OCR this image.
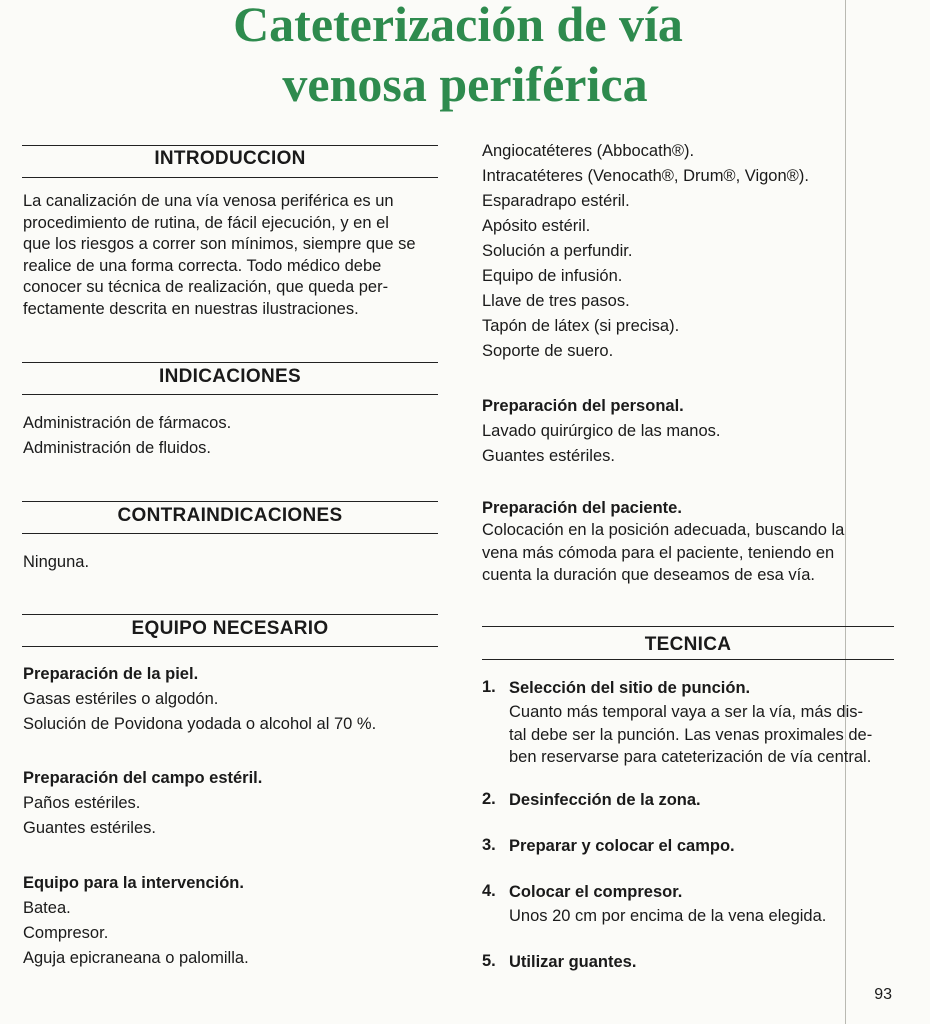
Cateterización de vía
venosa periférica
INTRODUCCION
La canalización de una vía venosa periférica es un
procedimiento de rutina, de fácil ejecución, y en el
que los riesgos a correr son mínimos, siempre que se
realice de una forma correcta. Todo médico debe
conocer su técnica de realización, que queda per-
fectamente descrita en nuestras ilustraciones.
INDICACIONES
Administración de fármacos.
Administración de fluidos.
CONTRAINDICACIONES
Ninguna.
EQUIPO NECESARIO
Preparación de la piel.
Gasas estériles o algodón.
Solución de Povidona yodada o alcohol al 70 %.
Preparación del campo estéril.
Paños estériles.
Guantes estériles.
Equipo para la intervención.
Batea.
Compresor.
Aguja epicraneana o palomilla.
Angiocatéteres (Abbocath®).
Intracatéteres (Venocath®, Drum®, Vigon®).
Esparadrapo estéril.
Apósito estéril.
Solución a perfundir.
Equipo de infusión.
Llave de tres pasos.
Tapón de látex (si precisa).
Soporte de suero.
Preparación del personal.
Lavado quirúrgico de las manos.
Guantes estériles.
Preparación del paciente.
Colocación en la posición adecuada, buscando la
vena más cómoda para el paciente, teniendo en
cuenta la duración que deseamos de esa vía.
TECNICA
1. Selección del sitio de punción.
Cuanto más temporal vaya a ser la vía, más dis-
tal debe ser la punción. Las venas proximales de-
ben reservarse para cateterización de vía central.
2. Desinfección de la zona.
3. Preparar y colocar el campo.
4. Colocar el compresor.
Unos 20 cm por encima de la vena elegida.
5. Utilizar guantes.
93
